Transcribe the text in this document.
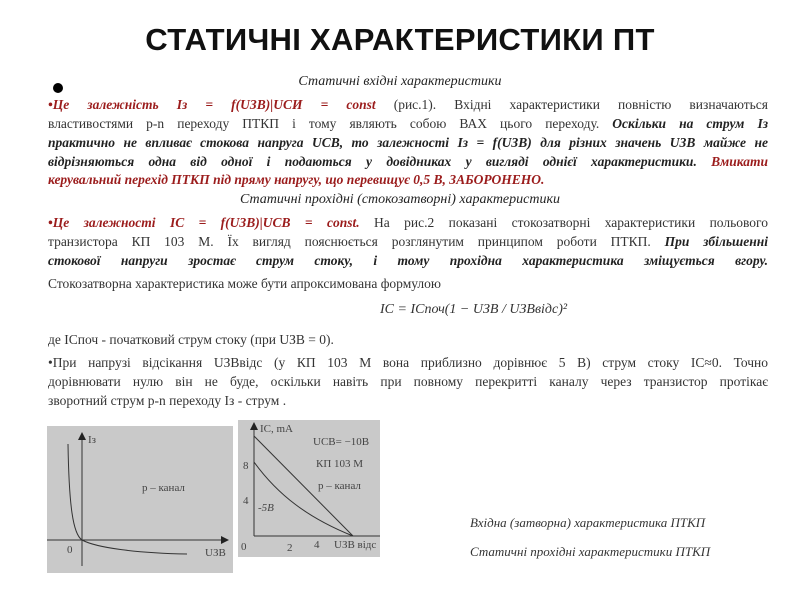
СТАТИЧНІ ХАРАКТЕРИСТИКИ ПТ
Статичні вхідні характеристики
Статичні прохідні (стокозатворні) характеристики
•Це залежність Iз = f(UЗВ)|UСИ = const (рис.1). Вхідні характеристики повністю визначаються
властивостями p-n переходу ПТКП і тому являють собою ВАХ цього переходу. Оскільки на струм Iз
практично не впливає стокова напруга UСВ, то залежності Iз = f(UЗВ) для різних значень UЗВ майже не
відрізняються одна від одної і подаються у довідниках у вигляді однієї характеристики. Вмикати
керувальний перехід ПТКП під пряму напругу, що перевищує 0,5 В, ЗАБОРОНЕНО.
•Це залежності IC = f(UЗВ)|UСВ = const. На рис.2 показані стокозатворні характеристики польового
транзистора КП 103 М. Їх вигляд пояснюється розглянутим принципом роботи ПТКП. При збільшенні
стокової напруги зростає струм стоку, і тому прохідна характеристика зміщується вгору.
Стокозатворна характеристика може бути апроксимована формулою
де IСпоч - початковий струм стоку (при UЗВ = 0).
•При напрузі відсікання UЗВвідс (у КП 103 М вона приблизно дорівнює 5 В) струм стоку IC≈0. Точно
дорівнювати нулю він не буде, оскільки навіть при повному перекритті каналу через транзистор протікає
зворотний струм p-n переходу Iз - струм .
IC = IСпоч(1 − UЗВ / UЗВвідс)²
Iз
UЗВ
0
p – канал
IС, mA
8
4
-5B
0	2 4 UЗВ відс
UСВ= −10B
КП 103 М
p – канал
Вхідна (затворна) характеристика ПТКП
Статичні прохідні характеристики ПТКП
